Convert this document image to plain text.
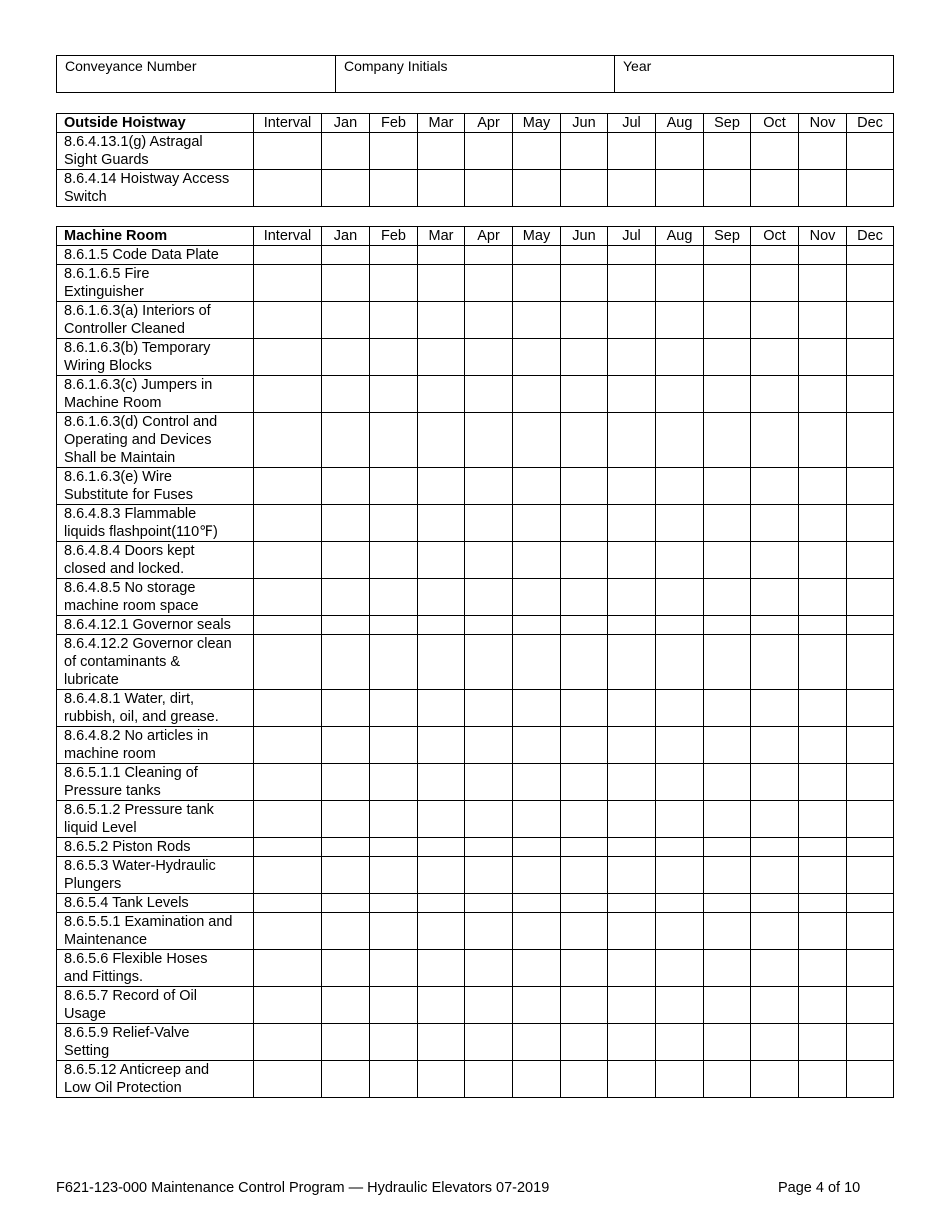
Conveyance Number	Company Initials	Year
Outside Hoistway	Interval	Jan	Feb	Mar	Apr	May	Jun	Jul	Aug	Sep	Oct	Nov	Dec

8.6.4.13.1(g) Astragal
Sight Guards													

8.6.4.14 Hoistway Access
Switch													

Machine Room	Interval	Jan	Feb	Mar	Apr	May	Jun	Jul	Aug	Sep	Oct	Nov	Dec

8.6.1.5 Code Data Plate													

8.6.1.6.5 Fire
Extinguisher													

8.6.1.6.3(a) Interiors of
Controller Cleaned													

8.6.1.6.3(b) Temporary
Wiring Blocks													

8.6.1.6.3(c) Jumpers in
Machine Room													

8.6.1.6.3(d) Control and
Operating and Devices
Shall be Maintain													

8.6.1.6.3(e) Wire
Substitute for Fuses													

8.6.4.8.3 Flammable
liquids flashpoint(110℉)													

8.6.4.8.4 Doors kept
closed and locked.													

8.6.4.8.5 No storage
machine room space													

8.6.4.12.1 Governor seals													

8.6.4.12.2 Governor clean
of contaminants &
lubricate													

8.6.4.8.1 Water, dirt,
rubbish, oil, and grease.													

8.6.4.8.2 No articles in
machine room													

8.6.5.1.1 Cleaning of
Pressure tanks													

8.6.5.1.2 Pressure tank
liquid Level													

8.6.5.2 Piston Rods													

8.6.5.3 Water-Hydraulic
Plungers													

8.6.5.4 Tank Levels													

8.6.5.5.1 Examination and
Maintenance													

8.6.5.6 Flexible Hoses
and Fittings.													

8.6.5.7 Record of Oil
Usage													

8.6.5.9 Relief-Valve
Setting													

8.6.5.12 Anticreep and
Low Oil Protection													

F621-123-000 Maintenance Control Program — Hydraulic Elevators 07-2019	Page 4 of 10
